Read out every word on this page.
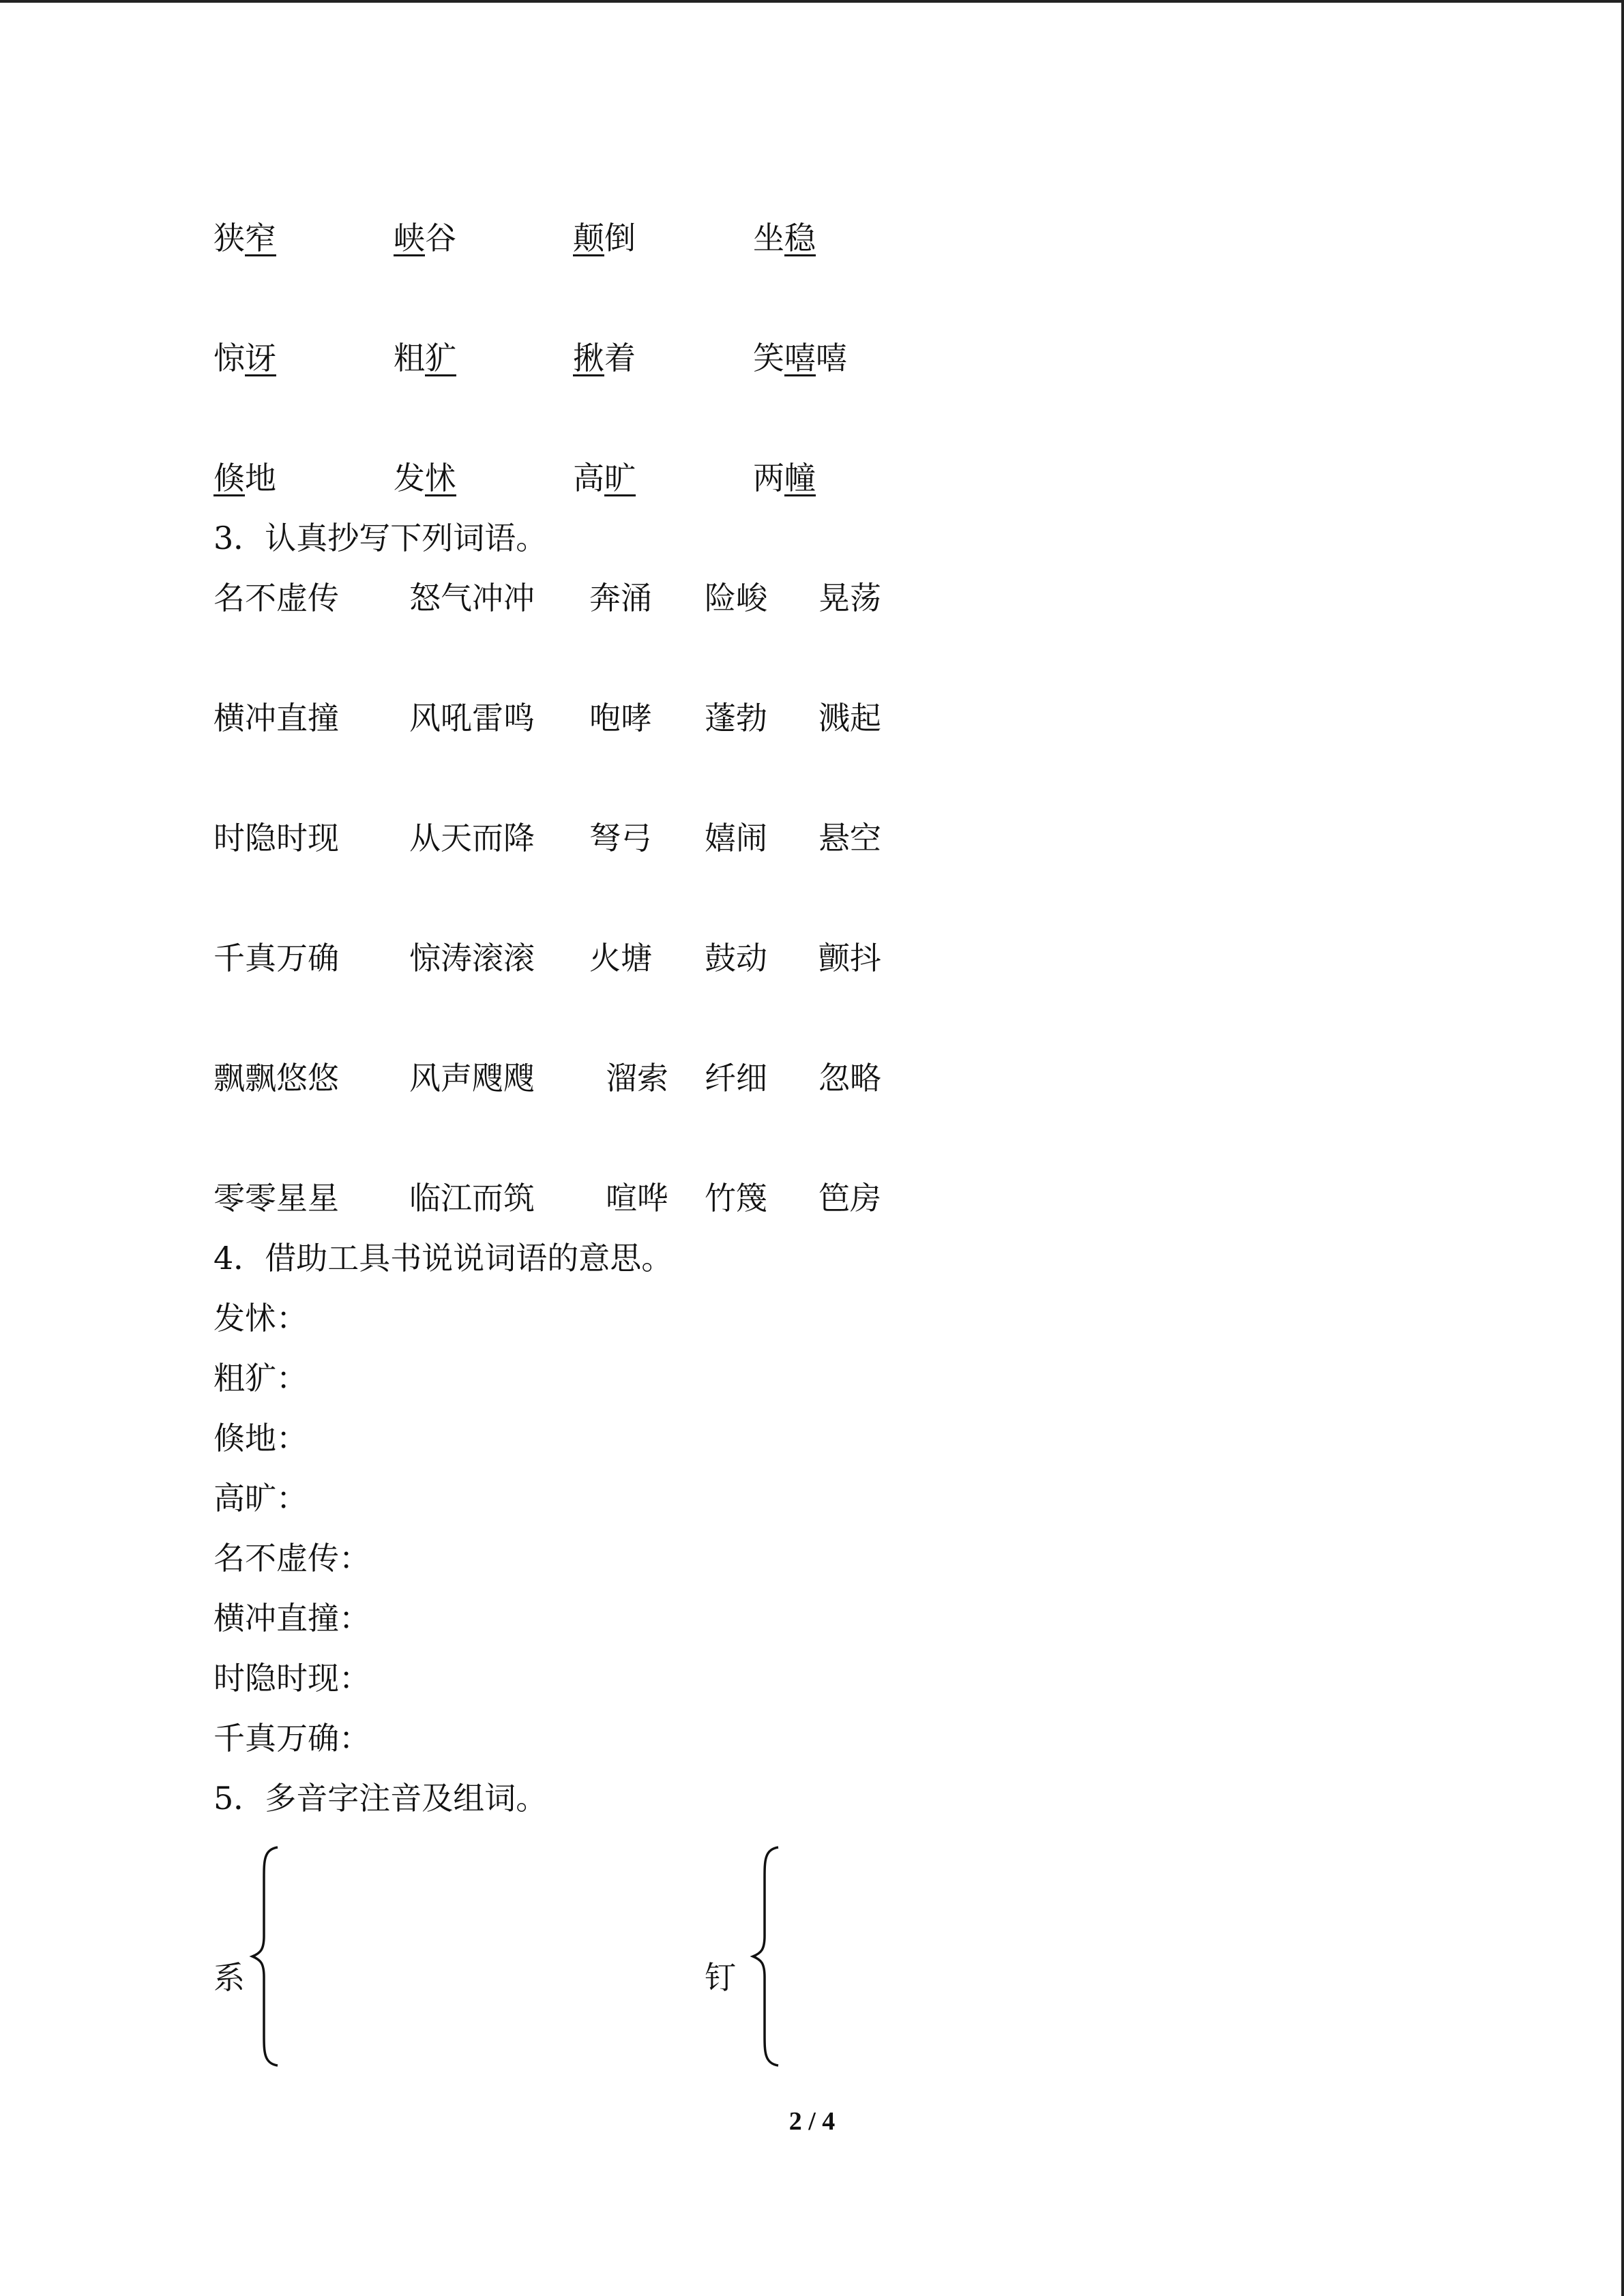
狭窄	峡谷	颠倒	坐稳
惊讶	粗犷	揪着	笑嘻嘻
倏地	发怵	高旷	两幢
3．认真抄写下列词语。
名不虚传 怒气冲冲 奔涌 险峻 晃荡
横冲直撞 风吼雷鸣 咆哮 蓬勃 溅起
时隐时现 从天而降 弩弓 嬉闹 悬空
千真万确 惊涛滚滚 火塘 鼓动 颤抖
飘飘悠悠 风声飕飕 溜索 纤细 忽略
零零星星 临江而筑 喧哗 竹篾 笆房
4．借助工具书说说词语的意思。
发怵：
粗犷：
倏地：
高旷：
名不虚传：
横冲直撞：
时隐时现：
千真万确：
5．多音字注音及组词。
系	钉
2 / 4
